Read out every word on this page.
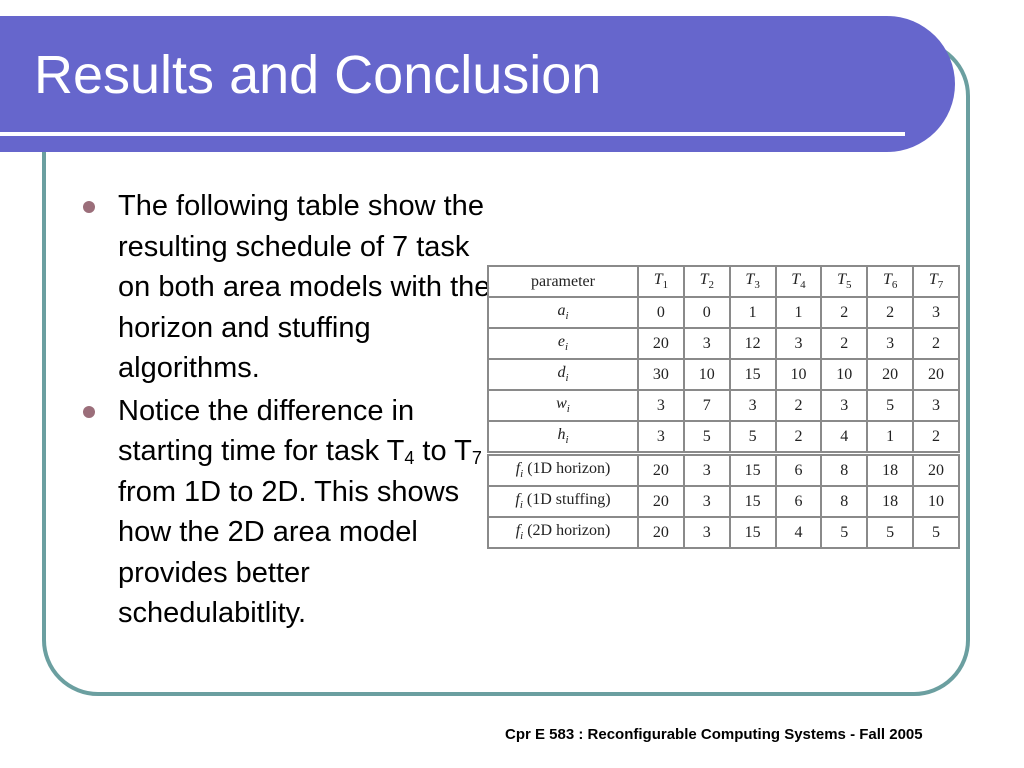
Results and Conclusion
The following table show the resulting schedule of 7 task on both area models with the horizon and stuffing algorithms.
Notice the difference in starting time for task $T_4$ to $T_7$ from 1D to 2D. This shows how the 2D area model provides better schedulabitlity.
parameter	$T_1$	$T_2$	$T_3$	$T_4$	$T_5$	$T_6$	$T_7$
$a_i$	0	0	1	1	2	2	3
$e_i$	20	3	12	3	2	3	2
$d_i$	30	10	15	10	10	20	20
$w_i$	3	7	3	2	3	5	3
$h_i$	3	5	5	2	4	1	2
$f_i$ (1D horizon)	20	3	15	6	8	18	20
$f_i$ (1D stuffing)	20	3	15	6	8	18	10
$f_i$ (2D horizon)	20	3	15	4	5	5	5
Cpr E 583 : Reconfigurable Computing Systems - Fall 2005
